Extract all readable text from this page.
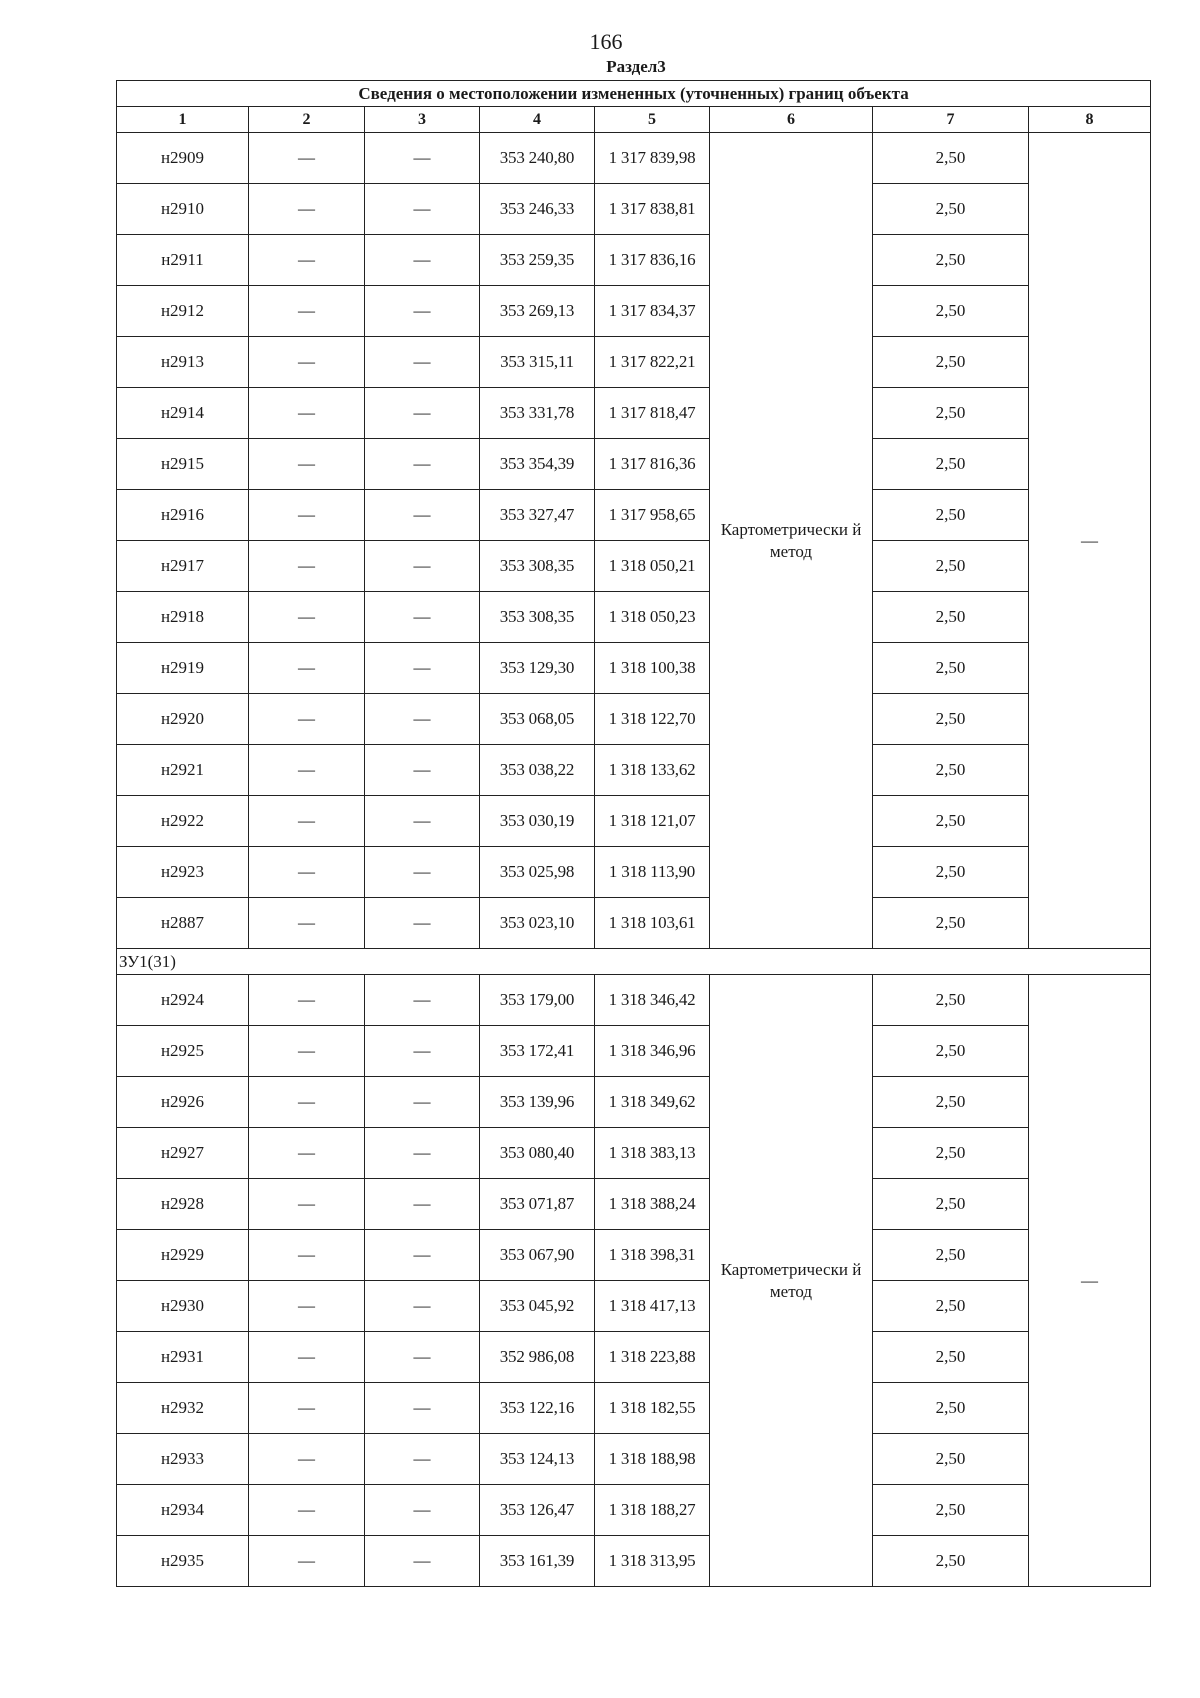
166
Раздел3
Сведения о местоположении измененных (уточненных) границ объекта							
1	2	3	4	5	6	7	8
н2909	—	—	353 240,80	1 317 839,98	Картометрически й метод	2,50	—
н2910	—	—	353 246,33	1 317 838,81		2,50	
н2911	—	—	353 259,35	1 317 836,16		2,50	
н2912	—	—	353 269,13	1 317 834,37		2,50	
н2913	—	—	353 315,11	1 317 822,21		2,50	
н2914	—	—	353 331,78	1 317 818,47		2,50	
н2915	—	—	353 354,39	1 317 816,36		2,50	
н2916	—	—	353 327,47	1 317 958,65		2,50	
н2917	—	—	353 308,35	1 318 050,21		2,50	
н2918	—	—	353 308,35	1 318 050,23		2,50	
н2919	—	—	353 129,30	1 318 100,38		2,50	
н2920	—	—	353 068,05	1 318 122,70		2,50	
н2921	—	—	353 038,22	1 318 133,62		2,50	
н2922	—	—	353 030,19	1 318 121,07		2,50	
н2923	—	—	353 025,98	1 318 113,90		2,50	
н2887	—	—	353 023,10	1 318 103,61		2,50	
ЗУ1(31)							
н2924	—	—	353 179,00	1 318 346,42	Картометрически й метод	2,50	—
н2925	—	—	353 172,41	1 318 346,96		2,50	
н2926	—	—	353 139,96	1 318 349,62		2,50	
н2927	—	—	353 080,40	1 318 383,13		2,50	
н2928	—	—	353 071,87	1 318 388,24		2,50	
н2929	—	—	353 067,90	1 318 398,31		2,50	
н2930	—	—	353 045,92	1 318 417,13		2,50	
н2931	—	—	352 986,08	1 318 223,88		2,50	
н2932	—	—	353 122,16	1 318 182,55		2,50	
н2933	—	—	353 124,13	1 318 188,98		2,50	
н2934	—	—	353 126,47	1 318 188,27		2,50	
н2935	—	—	353 161,39	1 318 313,95		2,50	
